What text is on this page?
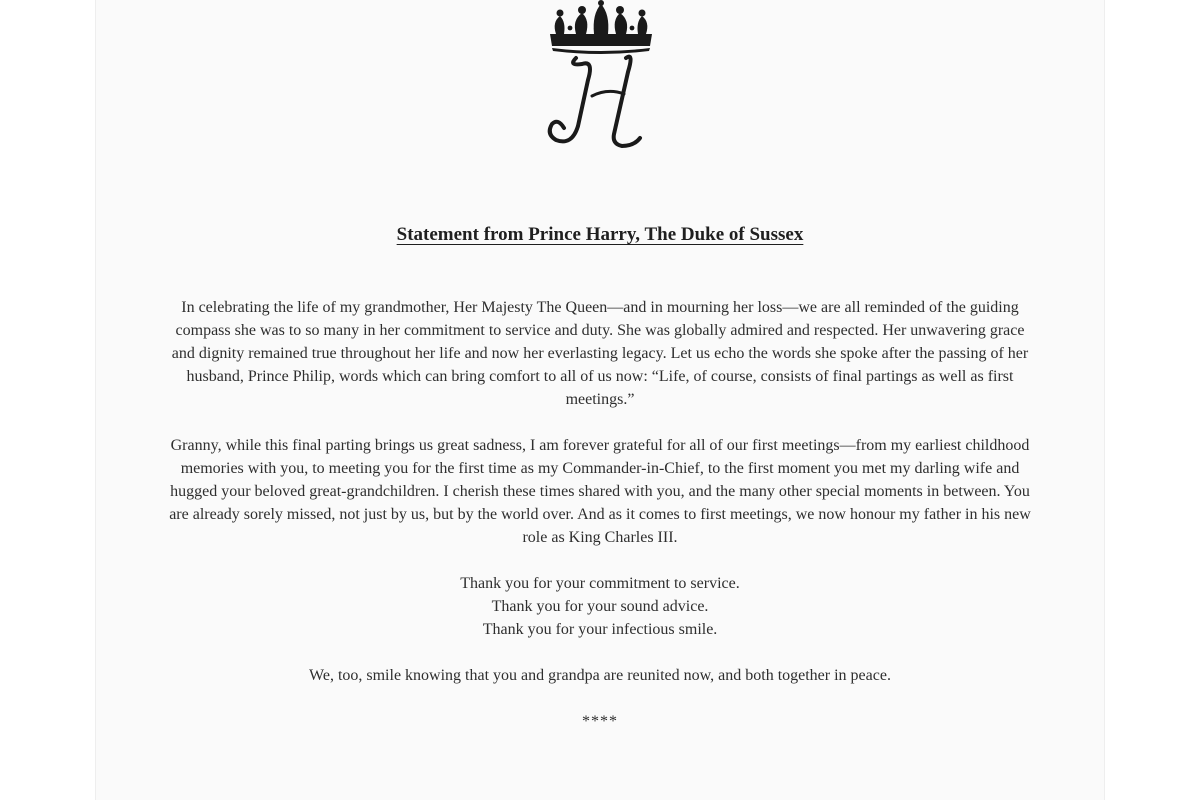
Statement from Prince Harry, The Duke of Sussex

In celebrating the life of my grandmother, Her Majesty The Queen—and in mourning her loss—we are all reminded of the guiding compass she was to so many in her commitment to service and duty. She was globally admired and respected. Her unwavering grace and dignity remained true throughout her life and now her everlasting legacy. Let us echo the words she spoke after the passing of her husband, Prince Philip, words which can bring comfort to all of us now: “Life, of course, consists of final partings as well as first meetings.”

Granny, while this final parting brings us great sadness, I am forever grateful for all of our first meetings—from my earliest childhood memories with you, to meeting you for the first time as my Commander-in-Chief, to the first moment you met my darling wife and hugged your beloved great-grandchildren. I cherish these times shared with you, and the many other special moments in between. You are already sorely missed, not just by us, but by the world over. And as it comes to first meetings, we now honour my father in his new role as King Charles III.

Thank you for your commitment to service.
Thank you for your sound advice.
Thank you for your infectious smile.

We, too, smile knowing that you and grandpa are reunited now, and both together in peace.

****
